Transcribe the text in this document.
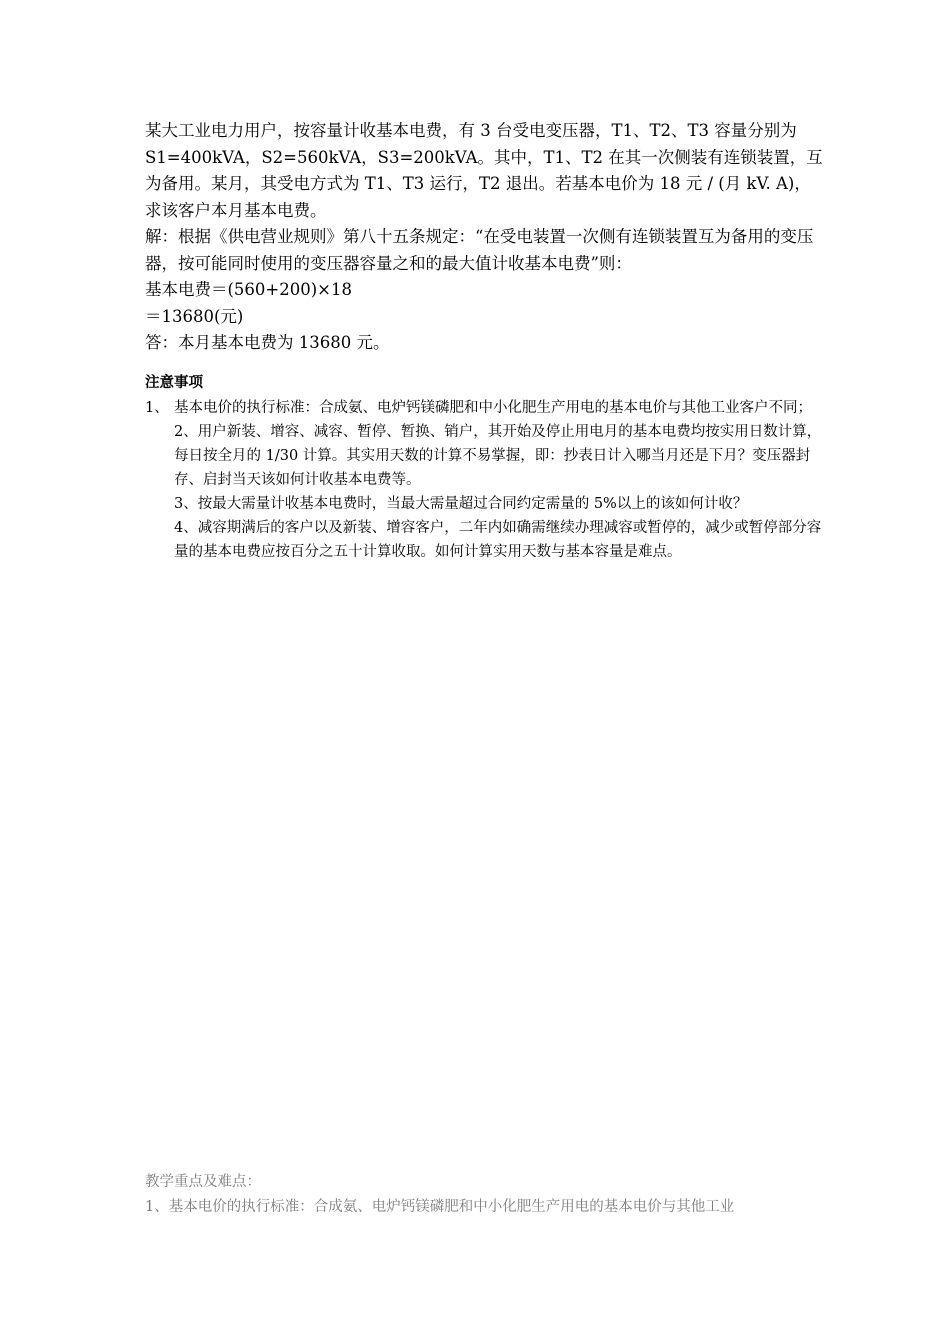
某大工业电力用户，按容量计收基本电费，有 3 台受电变压器，T1、T2、T3 容量分别为 S1=400kVA，S2=560kVA，S3=200kVA。其中，T1、T2 在其一次侧装有连锁装置，互为备用。某月，其受电方式为 T1、T3 运行，T2 退出。若基本电价为 18 元 / (月 kV. A)，求该客户本月基本电费。

解：根据《供电营业规则》第八十五条规定：“在受电装置一次侧有连锁装置互为备用的变压器，按可能同时使用的变压器容量之和的最大值计收基本电费”则：

基本电费＝(560+200)×18

＝13680(元)

答：本月基本电费为 13680 元。

注意事项

1、 基本电价的执行标准：合成氨、电炉钙镁磷肥和中小化肥生产用电的基本电价与其他工业客户不同；

2、用户新装、增容、减容、暂停、暂换、销户，其开始及停止用电月的基本电费均按实用日数计算，每日按全月的 1/30 计算。其实用天数的计算不易掌握，即：抄表日计入哪当月还是下月？变压器封存、启封当天该如何计收基本电费等。

3、按最大需量计收基本电费时，当最大需量超过合同约定需量的 5%以上的该如何计收？

4、减容期满后的客户以及新装、增容客户，二年内如确需继续办理减容或暂停的，减少或暂停部分容量的基本电费应按百分之五十计算收取。如何计算实用天数与基本容量是难点。

教学重点及难点：

1、基本电价的执行标准：合成氨、电炉钙镁磷肥和中小化肥生产用电的基本电价与其他工业
